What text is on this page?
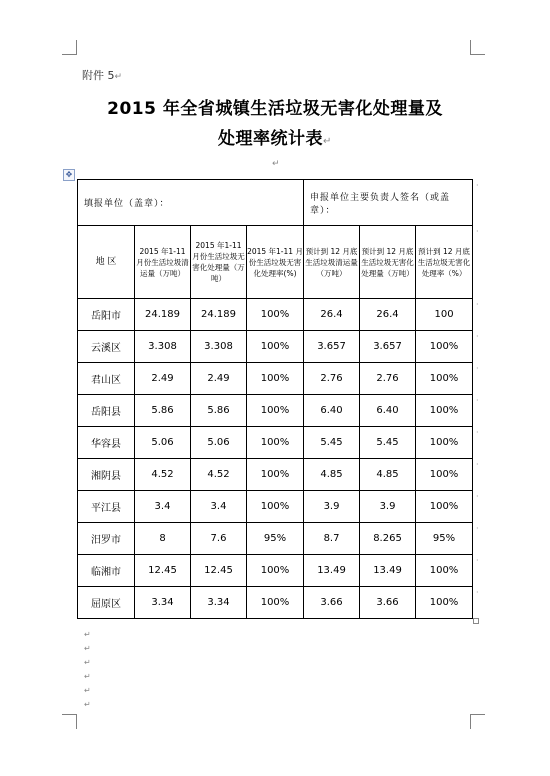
附件 5↵
2015 年全省城镇生活垃圾无害化处理量及
处理率统计表↵
↵
✥
填报单位（盖章）：				申报单位主要负责人签名（或盖章）：		
地 区	2015 年1-11 月份生活垃圾清运量（万吨）	2015 年1-11 月份生活垃圾无害化处理量（万吨）	2015 年1-11 月份生活垃圾无害化处理率(%)	预计到 12 月底生活垃圾清运量（万吨）	预计到 12 月底生活垃圾无害化处理量（万吨）	预计到 12 月底生活垃圾无害化处理率（%）
岳阳市	24.189	24.189	100%	26.4	26.4	100
云溪区	3.308	3.308	100%	3.657	3.657	100%
君山区	2.49	2.49	100%	2.76	2.76	100%
岳阳县	5.86	5.86	100%	6.40	6.40	100%
华容县	5.06	5.06	100%	5.45	5.45	100%
湘阴县	4.52	4.52	100%	4.85	4.85	100%
平江县	3.4	3.4	100%	3.9	3.9	100%
汨罗市	8	7.6	95%	8.7	8.265	95%
临湘市	12.45	12.45	100%	13.49	13.49	100%
屈原区	3.34	3.34	100%	3.66	3.66	100%
·
·
·
·
·
·
·
·
·
·
·
·
↵
↵
↵
↵
↵
↵
